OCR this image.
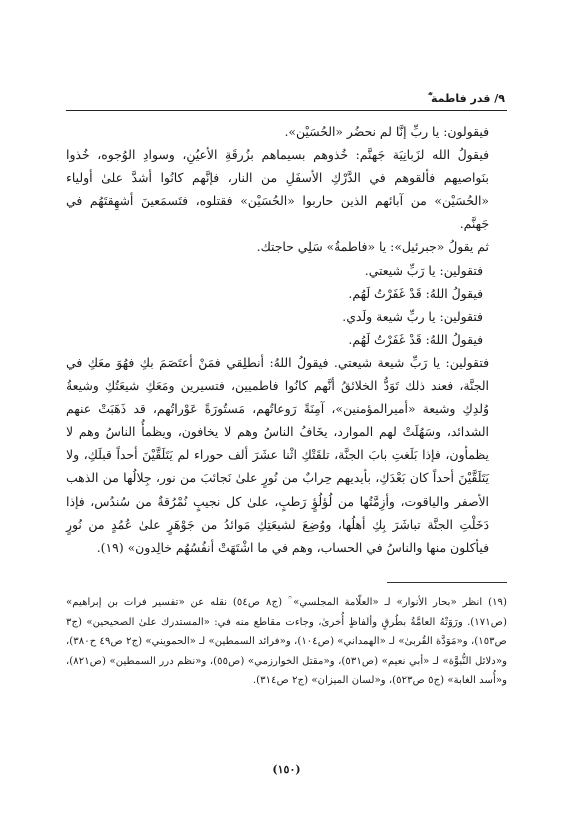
٩/ قدر فاطمة ؓ

فيقولون: يا ربِّ إنَّا لم نحضُر «الحُسَيْن».

فيقولُ الله لزَبانِيَة جَهنَّم: خُذوهم بسيماهم بزُرقَةِ الأعيُنِ، وسوادِ الوُجوه، خُذوا بنَواصيهم فألقوهم في الدَّرْكِ الأسفَلِ من النار، فإنَّهم كانُوا أشدَّ علىٰ أولياء «الحُسَيْن» من آبائهم الذين حاربوا «الحُسَيْن» فقتلوه، فتَسمَعينَ أشهِقتَهُم في جَهنَّم.

ثم يقولُ «جبرئيل»: يا «فاطمةُ» سَلِي حاجتك.

فتقولين: يا رَبِّ شيعتي.

فيقولُ اللهُ: قَدْ غَفَرْتُ لَهُم.

فتقولين: يا ربِّ شيعة ولَدي.

فيقولُ اللهُ: قَدْ غَفَرْتُ لَهُم.

فتقولين: يا رَبِّ شيعة شيعتي. فيقولُ اللهُ: أنطلِقي فمَنْ أعتَصَمَ بكِ فهُوَ معَكِ في الجنَّة، فعند ذلك تَوَدُّ الخلائقُ أنَّهم كانُوا فاطميين، فتسيرين ومَعَكِ شيعَتُكِ وشيعةُ وُلدِكِ وشيعة «أميرالمؤمنين»، آمِنَةً رَوعاتُهم، مَستُورَةً عَوْراتُهم، قد ذَهَبَتْ عنهم الشدائد، وسَهُلَتْ لهم الموارد، يخَافُ الناسُ وهم لا يخافون، ويظمأُ الناسُ وهم لا يظمأون، فإذا بَلَغتِ بابَ الجنَّة، تلقَتْكِ اثْنا عشَرَ ألف حوراء لم يَتَلَقَّيْنَ أحداً قبلَكِ، ولا يَتَلَقَّيْنَ أحداً كان بَعْدَكِ، بأيديهم حِرابٌ من نُورٍ علىٰ نَجائبَ من نور، جِلالُها من الذهب الأصفر والياقوت، وأزِمَّتُها من لُؤلُؤٍ رَطبٍ، علىٰ كل نجيبٍ نُمْرُقةٌ من سُندُس، فإذا دَخَلْتِ الجنَّة تباشَرَ بِكِ أهلُها، ووُضِعَ لشيعَتِكِ مَوائدُ من جَوْهَرٍ علىٰ عُمُدٍ من نُورٍ فيأكلون منها والناسُ في الحساب، وهم في ما اشْتَهَتْ أنفُسُهُم خالِدون» (١٩).

(١٩) انظر «بحار الأنوار» لـ «العلّامة المجلسي» ؒ (ج٨ ص٥٤) نقله عن «تفسير فرات بن إبراهيم» (ص١٧١). ورَوَتْهُ العامَّةُ بطُرقٍ وألفاظٍ أُخرىٰ، وجاءت مقاطع منه في: «المستدرك علىٰ الصحيحين» (ج٣ ص١٥٣)، و«مَوَدَّة القُربىٰ» لـ «الهمداني» (ص١٠٤)، و«فرائد السمطين» لـ «الحمويني» (ج٢ ص٤٩ ح٣٨٠)، و«دلائل النُّبوَّة» لـ «أبي نعيم» (ص٥٣١)، و«مقتل الخوارزمي» (ص٥٥)، و«نظم درر السمطين» (ص٨٢١)، و«أُسد الغابة» (ج٥ ص٥٢٣)، و«لسان الميزان» (ج٢ ص٣١٤).

(١٥٠)
